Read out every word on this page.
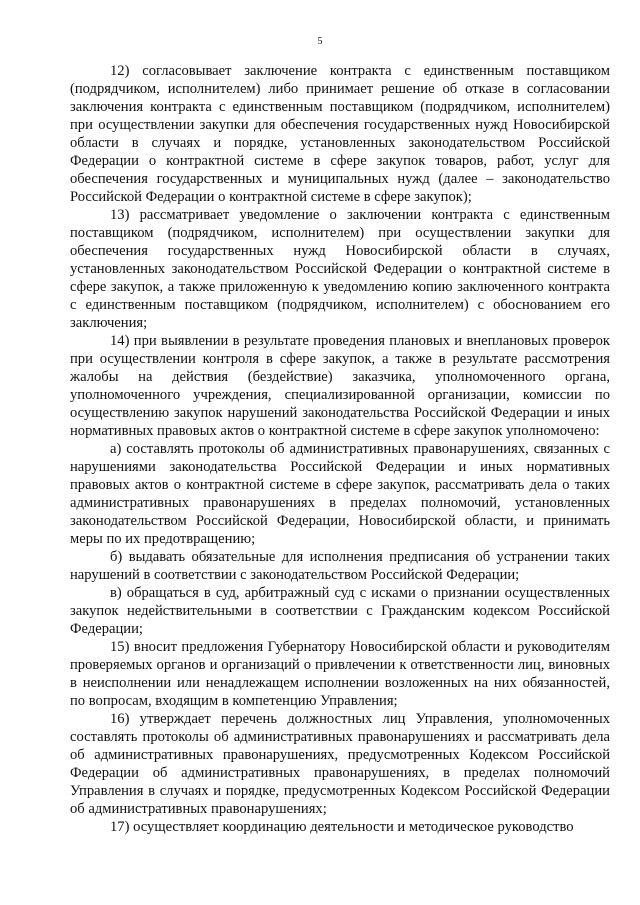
5

12) согласовывает заключение контракта с единственным поставщиком (подрядчиком, исполнителем) либо принимает решение об отказе в согласовании заключения контракта с единственным поставщиком (подрядчиком, исполнителем) при осуществлении закупки для обеспечения государственных нужд Новосибирской области в случаях и порядке, установленных законодательством Российской Федерации о контрактной системе в сфере закупок товаров, работ, услуг для обеспечения государственных и муниципальных нужд (далее – законодательство Российской Федерации о контрактной системе в сфере закупок);

13) рассматривает уведомление о заключении контракта с единственным поставщиком (подрядчиком, исполнителем) при осуществлении закупки для обеспечения государственных нужд Новосибирской области в случаях, установленных законодательством Российской Федерации о контрактной системе в сфере закупок, а также приложенную к уведомлению копию заключенного контракта с единственным поставщиком (подрядчиком, исполнителем) с обоснованием его заключения;

14) при выявлении в результате проведения плановых и внеплановых проверок при осуществлении контроля в сфере закупок, а также в результате рассмотрения жалобы на действия (бездействие) заказчика, уполномоченного органа, уполномоченного учреждения, специализированной организации, комиссии по осуществлению закупок нарушений законодательства Российской Федерации и иных нормативных правовых актов о контрактной системе в сфере закупок уполномочено:

а) составлять протоколы об административных правонарушениях, связанных с нарушениями законодательства Российской Федерации и иных нормативных правовых актов о контрактной системе в сфере закупок, рассматривать дела о таких административных правонарушениях в пределах полномочий, установленных законодательством Российской Федерации, Новосибирской области, и принимать меры по их предотвращению;

б) выдавать обязательные для исполнения предписания об устранении таких нарушений в соответствии с законодательством Российской Федерации;

в) обращаться в суд, арбитражный суд с исками о признании осуществленных закупок недействительными в соответствии с Гражданским кодексом Российской Федерации;

15) вносит предложения Губернатору Новосибирской области и руководителям проверяемых органов и организаций о привлечении к ответственности лиц, виновных в неисполнении или ненадлежащем исполнении возложенных на них обязанностей, по вопросам, входящим в компетенцию Управления;

16) утверждает перечень должностных лиц Управления, уполномоченных составлять протоколы об административных правонарушениях и рассматривать дела об административных правонарушениях, предусмотренных Кодексом Российской Федерации об административных правонарушениях, в пределах полномочий Управления в случаях и порядке, предусмотренных Кодексом Российской Федерации об административных правонарушениях;

17) осуществляет координацию деятельности и методическое руководство
